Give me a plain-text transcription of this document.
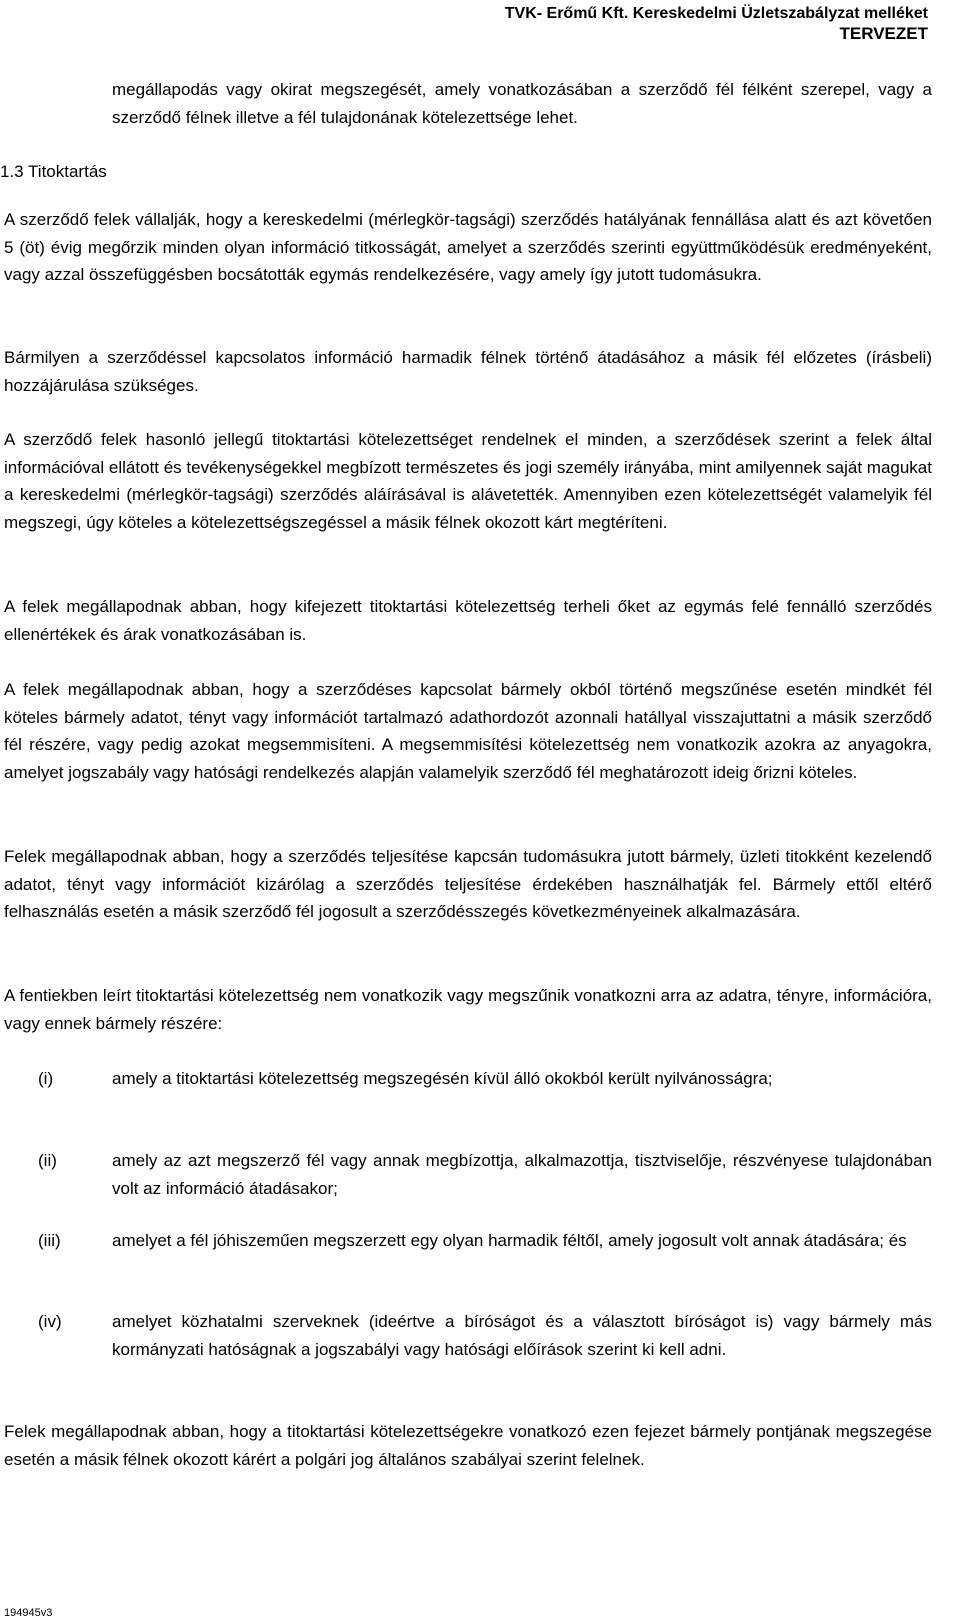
TVK- Erőmű Kft. Kereskedelmi Üzletszabályzat melléket
TERVEZET

megállapodás vagy okirat megszegését, amely vonatkozásában a szerződő fél félként szerepel, vagy a szerződő félnek illetve a fél tulajdonának kötelezettsége lehet.

1.3 Titoktartás

A szerződő felek vállalják, hogy a kereskedelmi (mérlegkör-tagsági) szerződés hatályának fennállása alatt és azt követően 5 (öt) évig megőrzik minden olyan információ titkosságát, amelyet a szerződés szerinti együttműködésük eredményeként, vagy azzal összefüggésben bocsátották egymás rendelkezésére, vagy amely így jutott tudomásukra.

Bármilyen a szerződéssel kapcsolatos információ harmadik félnek történő átadásához a másik fél előzetes (írásbeli) hozzájárulása szükséges.

A szerződő felek hasonló jellegű titoktartási kötelezettséget rendelnek el minden, a szerződések szerint a felek által információval ellátott és tevékenységekkel megbízott természetes és jogi személy irányába, mint amilyennek saját magukat a kereskedelmi (mérlegkör-tagsági) szerződés aláírásával is alávetették. Amennyiben ezen kötelezettségét valamelyik fél megszegi, úgy köteles a kötelezettségszegéssel a másik félnek okozott kárt megtéríteni.

A felek megállapodnak abban, hogy kifejezett titoktartási kötelezettség terheli őket az egymás felé fennálló szerződés ellenértékek és árak vonatkozásában is.

A felek megállapodnak abban, hogy a szerződéses kapcsolat bármely okból történő megszűnése esetén mindkét fél köteles bármely adatot, tényt vagy információt tartalmazó adathordozót azonnali hatállyal visszajuttatni a másik szerződő fél részére, vagy pedig azokat megsemmisíteni. A megsemmisítési kötelezettség nem vonatkozik azokra az anyagokra, amelyet jogszabály vagy hatósági rendelkezés alapján valamelyik szerződő fél meghatározott ideig őrizni köteles.

Felek megállapodnak abban, hogy a szerződés teljesítése kapcsán tudomásukra jutott bármely, üzleti titokként kezelendő adatot, tényt vagy információt kizárólag a szerződés teljesítése érdekében használhatják fel. Bármely ettől eltérő felhasználás esetén a másik szerződő fél jogosult a szerződésszegés következményeinek alkalmazására.

A fentiekben leírt titoktartási kötelezettség nem vonatkozik vagy megszűnik vonatkozni arra az adatra, tényre, információra, vagy ennek bármely részére:

(i)	amely a titoktartási kötelezettség megszegésén kívül álló okokból került nyilvánosságra;
(ii)	amely az azt megszerző fél vagy annak megbízottja, alkalmazottja, tisztviselője, részvényese tulajdonában volt az információ átadásakor;
(iii)	amelyet a fél jóhiszeműen megszerzett egy olyan harmadik féltől, amely jogosult volt annak átadására; és
(iv)	amelyet közhatalmi szerveknek (ideértve a bíróságot és a választott bíróságot is) vagy bármely más kormányzati hatóságnak a jogszabályi vagy hatósági előírások szerint ki kell adni.

Felek megállapodnak abban, hogy a titoktartási kötelezettségekre vonatkozó ezen fejezet bármely pontjának megszegése esetén a másik félnek okozott kárért a polgári jog általános szabályai szerint felelnek.

194945v3
